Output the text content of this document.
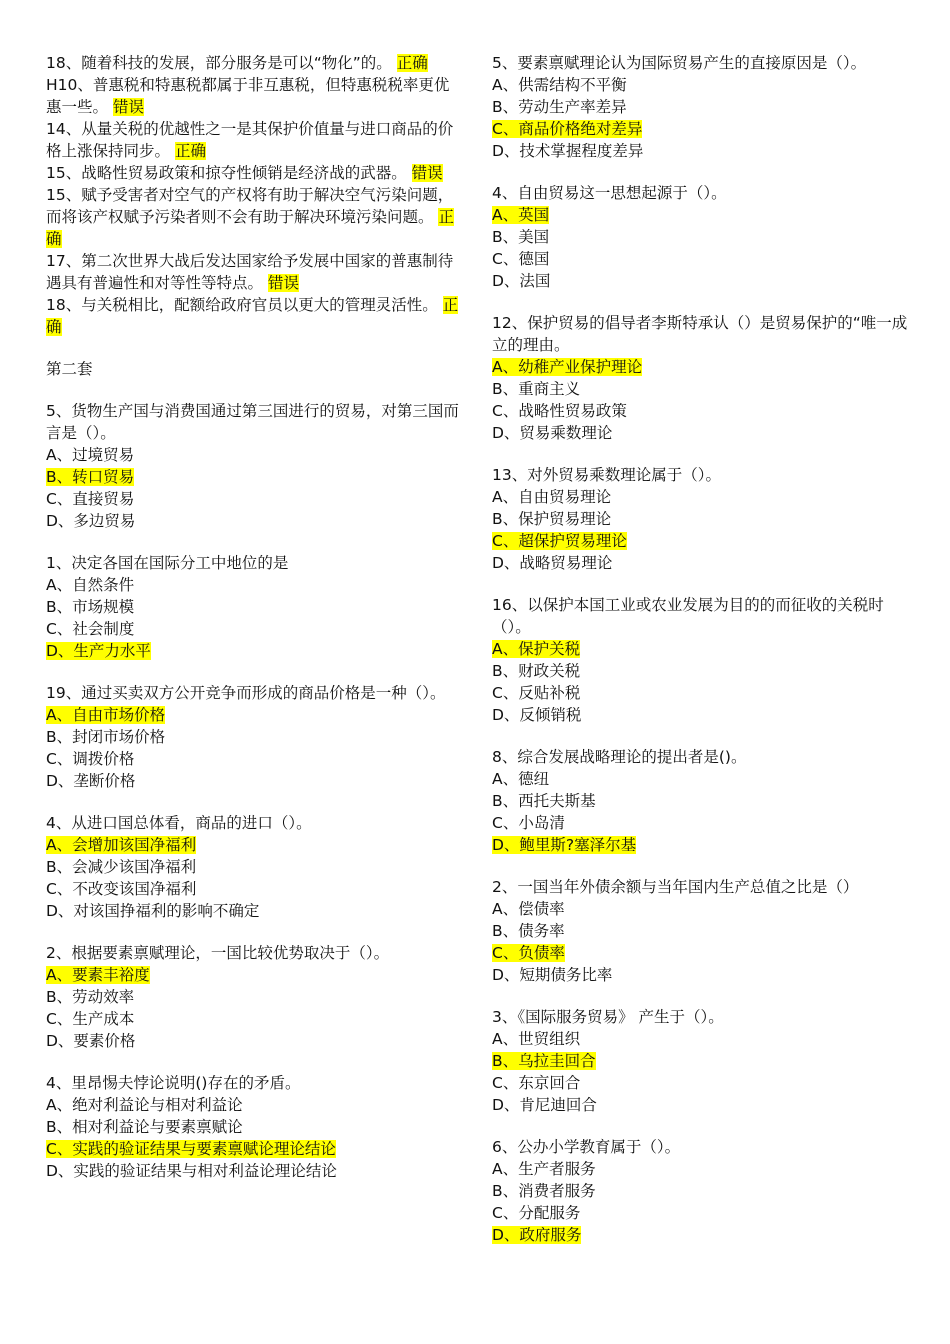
18、随着科技的发展，部分服务是可以“物化”的。 正确
H10、普惠税和特惠税都属于非互惠税，但特惠税税率更优惠一些。 错误
14、从量关税的优越性之一是其保护价值量与进口商品的价格上涨保持同步。 正确
15、战略性贸易政策和掠夺性倾销是经济战的武器。 错误
15、赋予受害者对空气的产权将有助于解决空气污染问题，而将该产权赋予污染者则不会有助于解决环境污染问题。 正确
17、第二次世界大战后发达国家给予发展中国家的普惠制待遇具有普遍性和对等性等特点。 错误
18、与关税相比，配额给政府官员以更大的管理灵活性。 正确
第二套
5、货物生产国与消费国通过第三国进行的贸易，对第三国而言是（）。
A、过境贸易
B、转口贸易
C、直接贸易
D、多边贸易
1、决定各国在国际分工中地位的是
A、自然条件
B、市场规模
C、社会制度
D、生产力水平
19、通过买卖双方公开竞争而形成的商品价格是一种（）。
A、自由市场价格
B、封闭市场价格
C、调拨价格
D、垄断价格
4、从进口国总体看，商品的进口（）。
A、会增加该国净福利
B、会减少该国净福利
C、不改变该国净福利
D、对该国挣福利的影响不确定
2、根据要素禀赋理论，一国比较优势取决于（）。
A、要素丰裕度
B、劳动效率
C、生产成本
D、要素价格
4、里昂惕夫悖论说明()存在的矛盾。
A、绝对利益论与相对利益论
B、相对利益论与要素禀赋论
C、实践的验证结果与要素禀赋论理论结论
D、实践的验证结果与相对利益论理论结论
5、要素禀赋理论认为国际贸易产生的直接原因是（）。
A、供需结构不平衡
B、劳动生产率差异
C、商品价格绝对差异
D、技术掌握程度差异
4、自由贸易这一思想起源于（）。
A、英国
B、美国
C、德国
D、法国
12、保护贸易的倡导者李斯特承认（）是贸易保护的“唯一成立的理由。
A、幼稚产业保护理论
B、重商主义
C、战略性贸易政策
D、贸易乘数理论
13、对外贸易乘数理论属于（）。
A、自由贸易理论
B、保护贸易理论
C、超保护贸易理论
D、战略贸易理论
16、以保护本国工业或农业发展为目的的而征收的关税时（）。
A、保护关税
B、财政关税
C、反贴补税
D、反倾销税
8、综合发展战略理论的提出者是()。
A、德纽
B、西托夫斯基
C、小岛清
D、鲍里斯?塞泽尔基
2、一国当年外债余额与当年国内生产总值之比是（）
A、偿债率
B、债务率
C、负债率
D、短期债务比率
3、《国际服务贸易》 产生于（）。
A、世贸组织
B、乌拉圭回合
C、东京回合
D、肯尼迪回合
6、公办小学教育属于（）。
A、生产者服务
B、消费者服务
C、分配服务
D、政府服务
